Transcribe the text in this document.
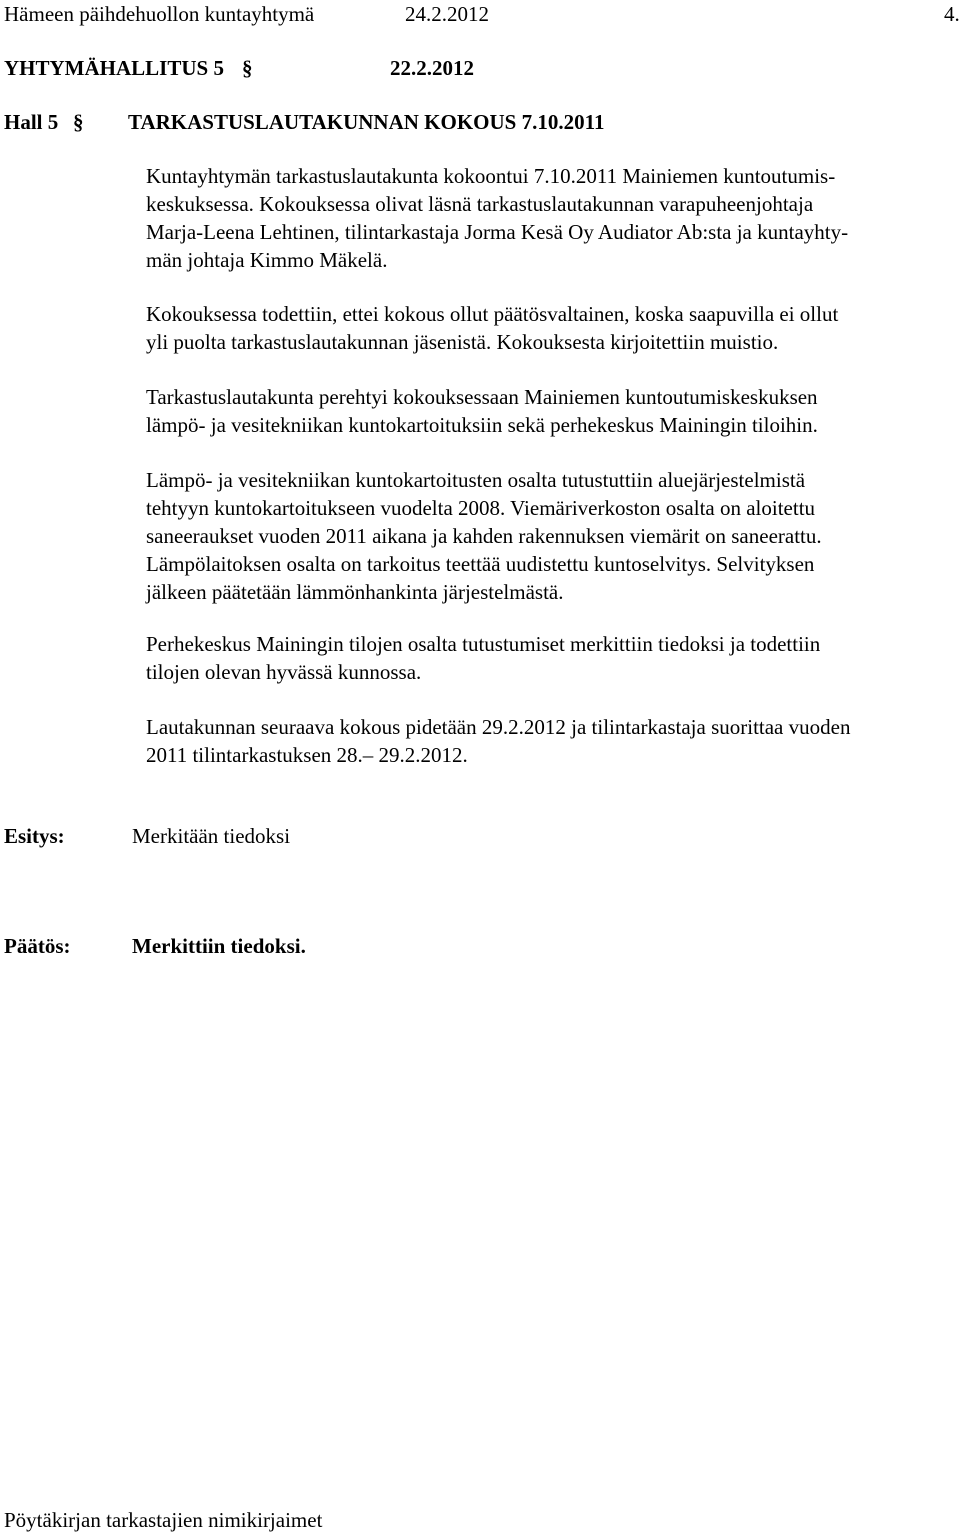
Hämeen päihdehuollon kuntayhtymä	24.2.2012	4.
YHTYMÄHALLITUS 5 §	22.2.2012
Hall 5 § TARKASTUSLAUTAKUNNAN KOKOUS 7.10.2011
Kuntayhtymän tarkastuslautakunta kokoontui 7.10.2011 Mainiemen kuntoutumis-
keskuksessa. Kokouksessa olivat läsnä tarkastuslautakunnan varapuheenjohtaja
Marja-Leena Lehtinen, tilintarkastaja Jorma Kesä Oy Audiator Ab:sta ja kuntayhty-
män johtaja Kimmo Mäkelä.
Kokouksessa todettiin, ettei kokous ollut päätösvaltainen, koska saapuvilla ei ollut
yli puolta tarkastuslautakunnan jäsenistä. Kokouksesta kirjoitettiin muistio.
Tarkastuslautakunta perehtyi kokouksessaan Mainiemen kuntoutumiskeskuksen
lämpö- ja vesitekniikan kuntokartoituksiin sekä perhekeskus Mainingin tiloihin.
Lämpö- ja vesitekniikan kuntokartoitusten osalta tutustuttiin aluejärjestelmistä
tehtyyn kuntokartoitukseen vuodelta 2008. Viemäriverkoston osalta on aloitettu
saneeraukset vuoden 2011 aikana ja kahden rakennuksen viemärit on saneerattu.
Lämpölaitoksen osalta on tarkoitus teettää uudistettu kuntoselvitys. Selvityksen
jälkeen päätetään lämmönhankinta järjestelmästä.
Perhekeskus Mainingin tilojen osalta tutustumiset merkittiin tiedoksi ja todettiin
tilojen olevan hyvässä kunnossa.
Lautakunnan seuraava kokous pidetään 29.2.2012 ja tilintarkastaja suorittaa vuoden
2011 tilintarkastuksen 28.– 29.2.2012.
Esitys:	Merkitään tiedoksi
Päätös:	Merkittiin tiedoksi.
Pöytäkirjan tarkastajien nimikirjaimet
